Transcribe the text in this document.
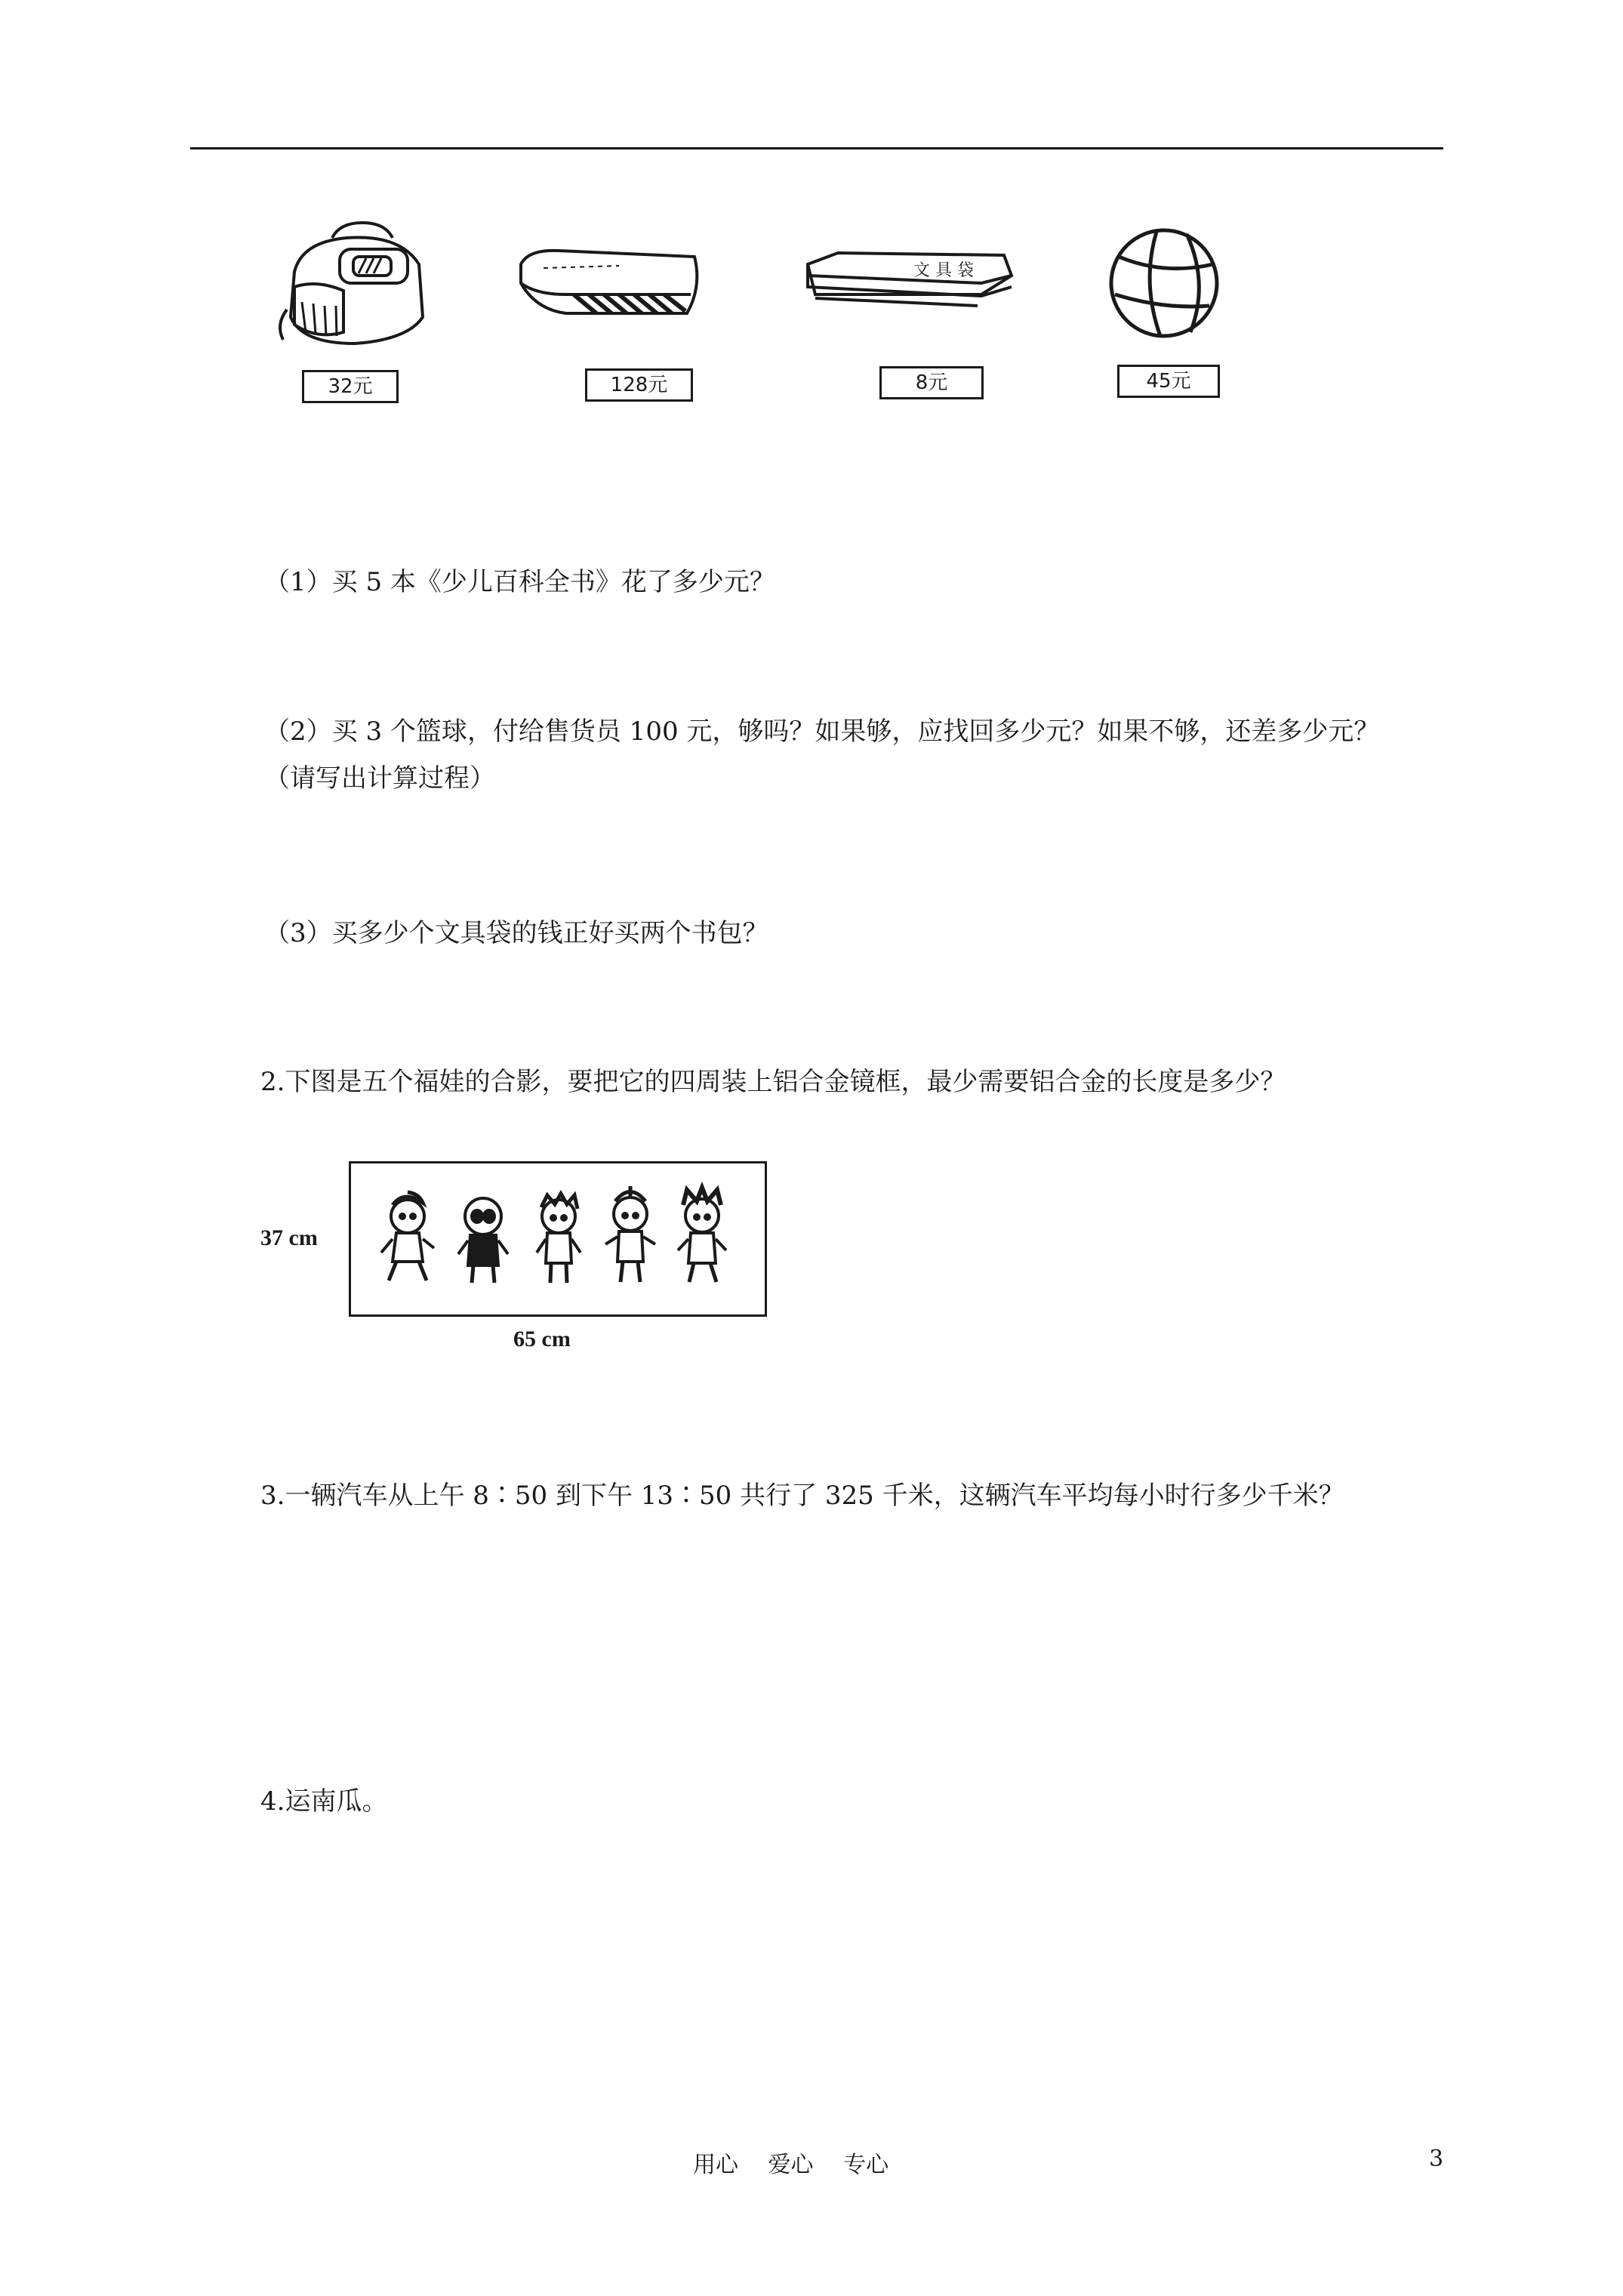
32元	128元
文 具 袋
8元	45元
（1）买 5 本《少儿百科全书》花了多少元？
（2）买 3 个篮球，付给售货员 100 元，够吗？如果够，应找回多少元？如果不够，还差多少元？
（请写出计算过程）
（3）买多少个文具袋的钱正好买两个书包？
2.下图是五个福娃的合影，要把它的四周装上铝合金镜框，最少需要铝合金的长度是多少？
37 cm
65 cm
3.一辆汽车从上午 8∶50 到下午 13∶50 共行了 325 千米，这辆汽车平均每小时行多少千米？
4.运南瓜。
用心　 爱心　 专心	3
